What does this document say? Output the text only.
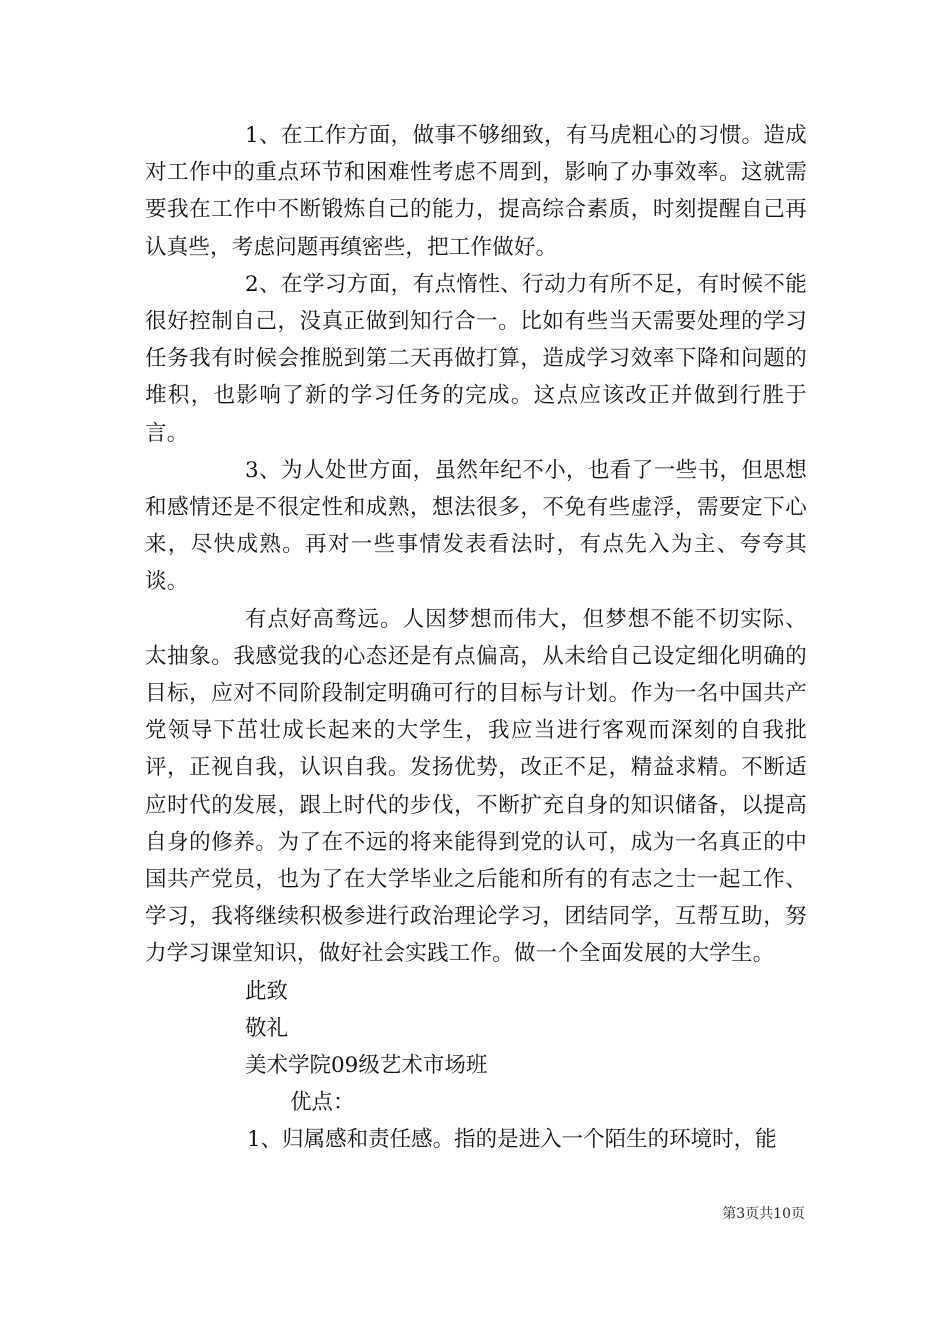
1、在工作方面，做事不够细致，有马虎粗心的习惯。造成对工作中的重点环节和困难性考虑不周到，影响了办事效率。这就需要我在工作中不断锻炼自己的能力，提高综合素质，时刻提醒自己再认真些，考虑问题再缜密些，把工作做好。

2、在学习方面，有点惰性、行动力有所不足，有时候不能很好控制自己，没真正做到知行合一。比如有些当天需要处理的学习任务我有时候会推脱到第二天再做打算，造成学习效率下降和问题的堆积，也影响了新的学习任务的完成。这点应该改正并做到行胜于言。

3、为人处世方面，虽然年纪不小，也看了一些书，但思想和感情还是不很定性和成熟，想法很多，不免有些虚浮，需要定下心来，尽快成熟。再对一些事情发表看法时，有点先入为主、夸夸其谈。

有点好高骛远。人因梦想而伟大，但梦想不能不切实际、太抽象。我感觉我的心态还是有点偏高，从未给自己设定细化明确的目标，应对不同阶段制定明确可行的目标与计划。作为一名中国共产党领导下茁壮成长起来的大学生，我应当进行客观而深刻的自我批评，正视自我，认识自我。发扬优势，改正不足，精益求精。不断适应时代的发展，跟上时代的步伐，不断扩充自身的知识储备，以提高自身的修养。为了在不远的将来能得到党的认可，成为一名真正的中国共产党员，也为了在大学毕业之后能和所有的有志之士一起工作、学习，我将继续积极参进行政治理论学习，团结同学，互帮互助，努力学习课堂知识，做好社会实践工作。做一个全面发展的大学生。

此致

敬礼

美术学院09级艺术市场班

优点：

1、归属感和责任感。指的是进入一个陌生的环境时，能

第3页共10页
